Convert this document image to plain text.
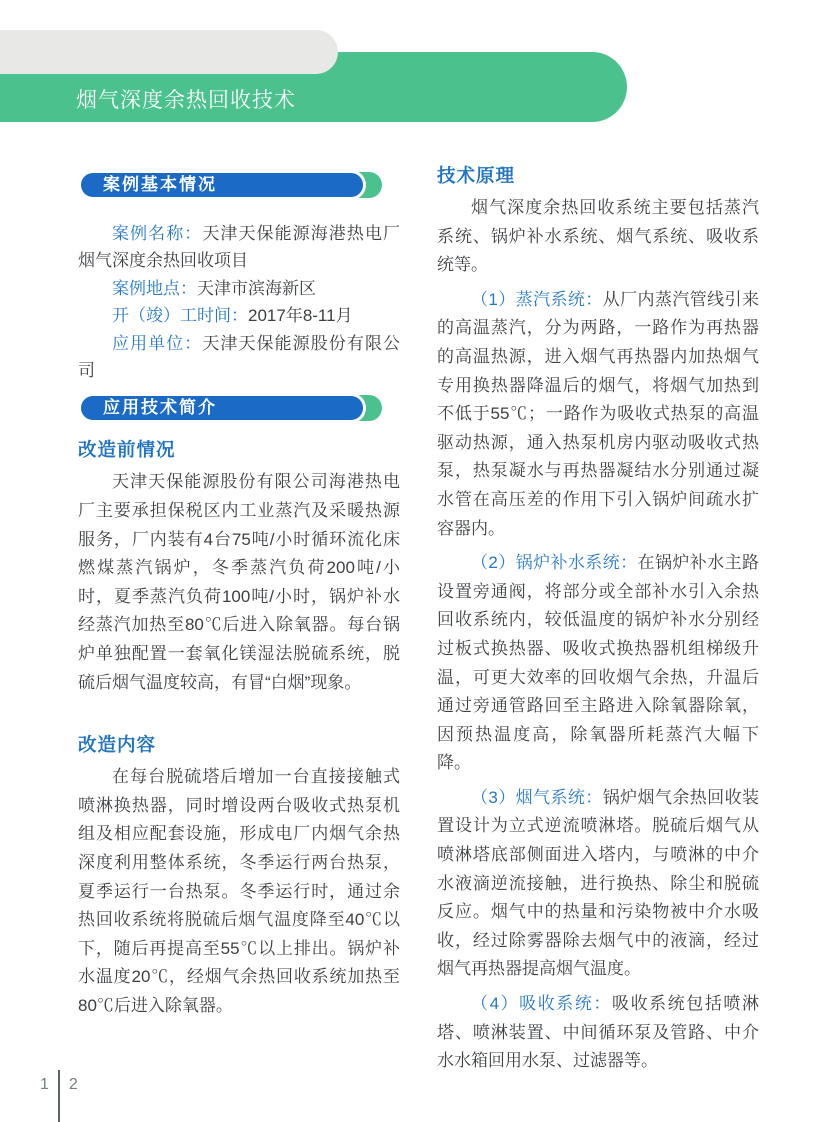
烟气深度余热回收技术
案例基本情况

案例名称：天津天保能源海港热电厂烟气深度余热回收项目

案例地点：天津市滨海新区

开（竣）工时间：2017年8-11月

应用单位：天津天保能源股份有限公司

应用技术简介

改造前情况

天津天保能源股份有限公司海港热电厂主要承担保税区内工业蒸汽及采暖热源服务，厂内装有4台75吨/小时循环流化床燃煤蒸汽锅炉，冬季蒸汽负荷200吨/小时，夏季蒸汽负荷100吨/小时，锅炉补水经蒸汽加热至80℃后进入除氧器。每台锅炉单独配置一套氧化镁湿法脱硫系统，脱硫后烟气温度较高，有冒“白烟”现象。

改造内容

在每台脱硫塔后增加一台直接接触式喷淋换热器，同时增设两台吸收式热泵机组及相应配套设施，形成电厂内烟气余热深度利用整体系统，冬季运行两台热泵，夏季运行一台热泵。冬季运行时，通过余热回收系统将脱硫后烟气温度降至40℃以下，随后再提高至55℃以上排出。锅炉补水温度20℃，经烟气余热回收系统加热至80℃后进入除氧器。

技术原理

烟气深度余热回收系统主要包括蒸汽系统、锅炉补水系统、烟气系统、吸收系统等。

（1）蒸汽系统：从厂内蒸汽管线引来的高温蒸汽，分为两路，一路作为再热器的高温热源，进入烟气再热器内加热烟气专用换热器降温后的烟气，将烟气加热到不低于55℃；一路作为吸收式热泵的高温驱动热源，通入热泵机房内驱动吸收式热泵，热泵凝水与再热器凝结水分别通过凝水管在高压差的作用下引入锅炉间疏水扩容器内。

（2）锅炉补水系统：在锅炉补水主路设置旁通阀，将部分或全部补水引入余热回收系统内，较低温度的锅炉补水分别经过板式换热器、吸收式换热器机组梯级升温，可更大效率的回收烟气余热，升温后通过旁通管路回至主路进入除氧器除氧，因预热温度高，除氧器所耗蒸汽大幅下降。

（3）烟气系统：锅炉烟气余热回收装置设计为立式逆流喷淋塔。脱硫后烟气从喷淋塔底部侧面进入塔内，与喷淋的中介水液滴逆流接触，进行换热、除尘和脱硫反应。烟气中的热量和污染物被中介水吸收，经过除雾器除去烟气中的液滴，经过烟气再热器提高烟气温度。

（4）吸收系统：吸收系统包括喷淋塔、喷淋装置、中间循环泵及管路、中介水水箱回用水泵、过滤器等。

1 2
